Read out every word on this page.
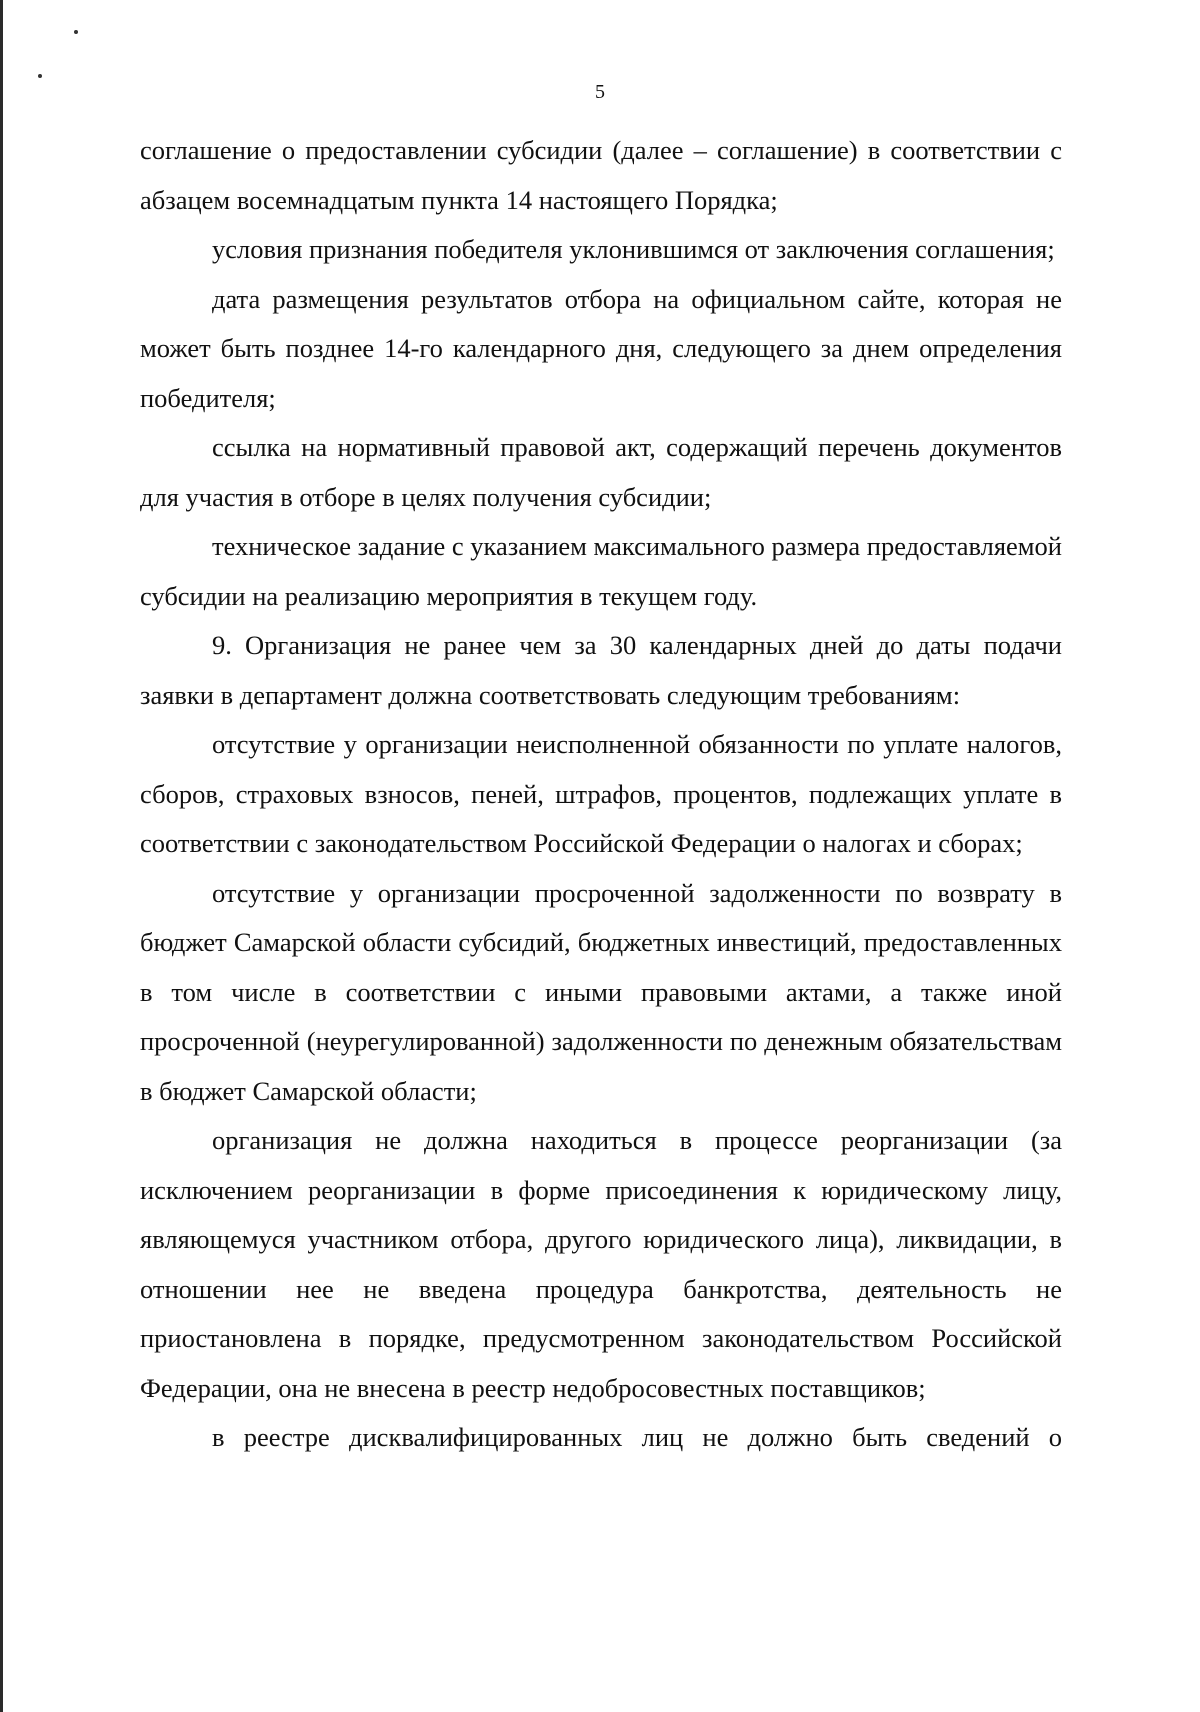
5

соглашение о предоставлении субсидии (далее – соглашение) в соответствии с абзацем восемнадцатым пункта 14 настоящего Порядка;

условия признания победителя уклонившимся от заключения соглашения;

дата размещения результатов отбора на официальном сайте, которая не может быть позднее 14-го календарного дня, следующего за днем определения победителя;

ссылка на нормативный правовой акт, содержащий перечень документов для участия в отборе в целях получения субсидии;

техническое задание с указанием максимального размера предоставляемой субсидии на реализацию мероприятия в текущем году.

9. Организация не ранее чем за 30 календарных дней до даты подачи заявки в департамент должна соответствовать следующим требованиям:

отсутствие у организации неисполненной обязанности по уплате налогов, сборов, страховых взносов, пеней, штрафов, процентов, подлежащих уплате в соответствии с законодательством Российской Федерации о налогах и сборах;

отсутствие у организации просроченной задолженности по возврату в бюджет Самарской области субсидий, бюджетных инвестиций, предоставленных в том числе в соответствии с иными правовыми актами, а также иной просроченной (неурегулированной) задолженности по денежным обязательствам в бюджет Самарской области;

организация не должна находиться в процессе реорганизации (за исключением реорганизации в форме присоединения к юридическому лицу, являющемуся участником отбора, другого юридического лица), ликвидации, в отношении нее не введена процедура банкротства, деятельность не приостановлена в порядке, предусмотренном законодательством Российской Федерации, она не внесена в реестр недобросовестных поставщиков;

в реестре дисквалифицированных лиц не должно быть сведений о
